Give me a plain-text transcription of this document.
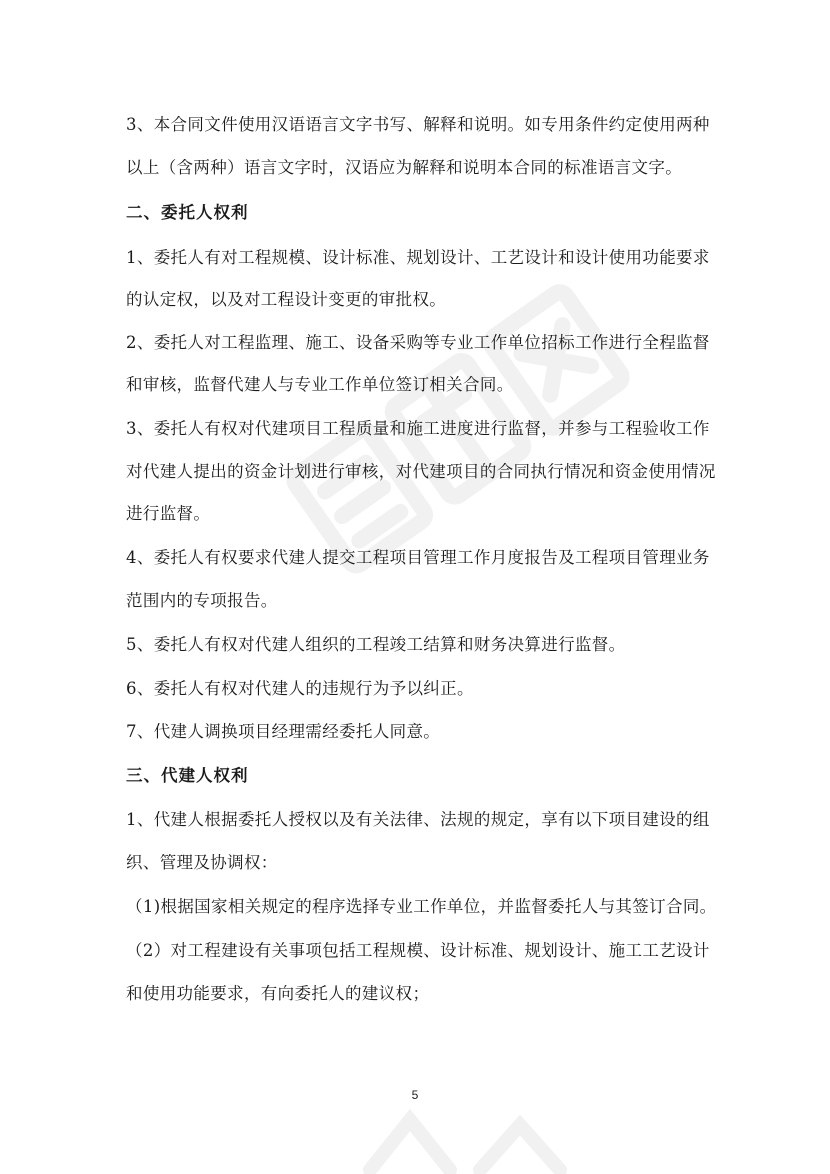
3、本合同文件使用汉语语言文字书写、解释和说明。如专用条件约定使用两种
以上（含两种）语言文字时，汉语应为解释和说明本合同的标准语言文字。
二、委托人权利
1、委托人有对工程规模、设计标准、规划设计、工艺设计和设计使用功能要求
的认定权，以及对工程设计变更的审批权。
2、委托人对工程监理、施工、设备采购等专业工作单位招标工作进行全程监督
和审核，监督代建人与专业工作单位签订相关合同。
3、委托人有权对代建项目工程质量和施工进度进行监督，并参与工程验收工作
对代建人提出的资金计划进行审核，对代建项目的合同执行情况和资金使用情况
进行监督。
4、委托人有权要求代建人提交工程项目管理工作月度报告及工程项目管理业务
范围内的专项报告。
5、委托人有权对代建人组织的工程竣工结算和财务决算进行监督。
6、委托人有权对代建人的违规行为予以纠正。
7、代建人调换项目经理需经委托人同意。
三、代建人权利
1、代建人根据委托人授权以及有关法律、法规的规定，享有以下项目建设的组
织、管理及协调权：
（1)根据国家相关规定的程序选择专业工作单位，并监督委托人与其签订合同。
（2）对工程建设有关事项包括工程规模、设计标准、规划设计、施工工艺设计
和使用功能要求，有向委托人的建议权；
5
